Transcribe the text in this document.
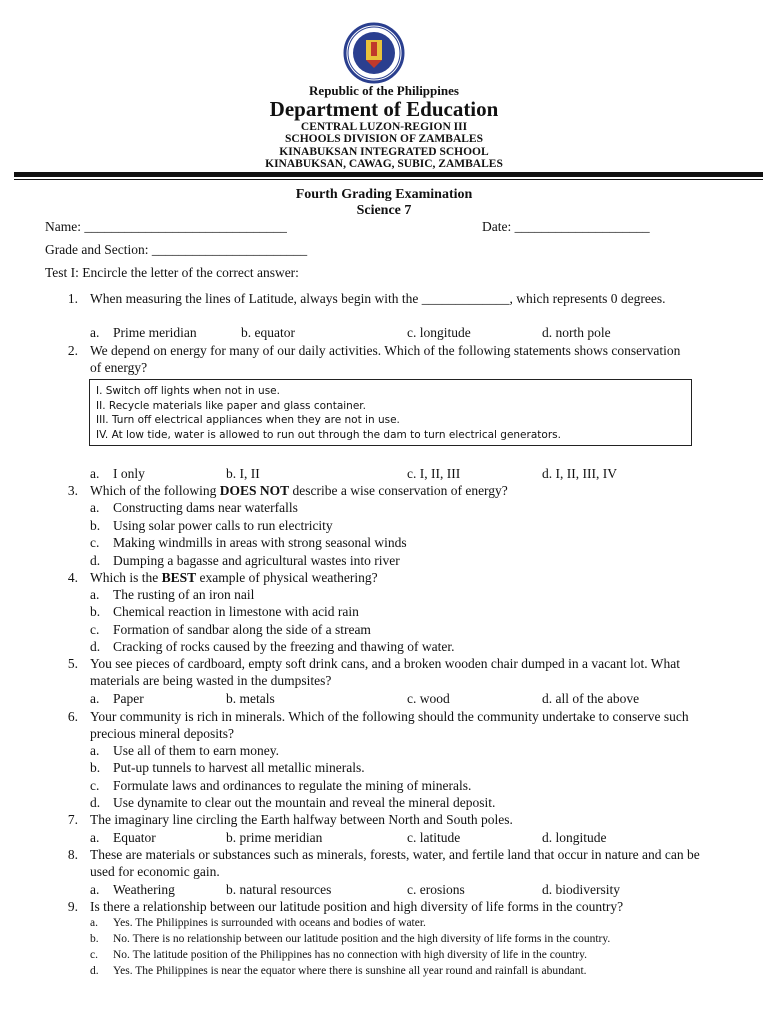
Republic of the Philippines
Department of Education
CENTRAL LUZON-REGION III
SCHOOLS DIVISION OF ZAMBALES
KINABUKSAN INTEGRATED SCHOOL
KINABUKSAN, CAWAG, SUBIC, ZAMBALES
Fourth Grading Examination
Science 7
Name: ______________________________	Date: ____________________
Grade and Section: _______________________
Test I: Encircle the letter of the correct answer:
1. When measuring the lines of Latitude, always begin with the _____________, which represents 0 degrees.
a. Prime meridian	b. equator	c. longitude	d. north pole
2. We depend on energy for many of our daily activities. Which of the following statements shows conservation of energy?
I. Switch off lights when not in use.
II. Recycle materials like paper and glass container.
III. Turn off electrical appliances when they are not in use.
IV. At low tide, water is allowed to run out through the dam to turn electrical generators.
a. I only	b. I, II	c. I, II, III	d. I, II, III, IV
3. Which of the following DOES NOT describe a wise conservation of energy?
a. Constructing dams near waterfalls
b. Using solar power calls to run electricity
c. Making windmills in areas with strong seasonal winds
d. Dumping a bagasse and agricultural wastes into river
4. Which is the BEST example of physical weathering?
a. The rusting of an iron nail
b. Chemical reaction in limestone with acid rain
c. Formation of sandbar along the side of a stream
d. Cracking of rocks caused by the freezing and thawing of water.
5. You see pieces of cardboard, empty soft drink cans, and a broken wooden chair dumped in a vacant lot. What materials are being wasted in the dumpsites?
a. Paper	b. metals	c. wood	d. all of the above
6. Your community is rich in minerals. Which of the following should the community undertake to conserve such precious mineral deposits?
a. Use all of them to earn money.
b. Put-up tunnels to harvest all metallic minerals.
c. Formulate laws and ordinances to regulate the mining of minerals.
d. Use dynamite to clear out the mountain and reveal the mineral deposit.
7. The imaginary line circling the Earth halfway between North and South poles.
a. Equator	b. prime meridian	c. latitude	d. longitude
8. These are materials or substances such as minerals, forests, water, and fertile land that occur in nature and can be used for economic gain.
a. Weathering	b. natural resources	c. erosions	d. biodiversity
9. Is there a relationship between our latitude position and high diversity of life forms in the country?
a. Yes. The Philippines is surrounded with oceans and bodies of water.
b. No. There is no relationship between our latitude position and the high diversity of life forms in the country.
c. No. The latitude position of the Philippines has no connection with high diversity of life in the country.
d. Yes. The Philippines is near the equator where there is sunshine all year round and rainfall is abundant.
